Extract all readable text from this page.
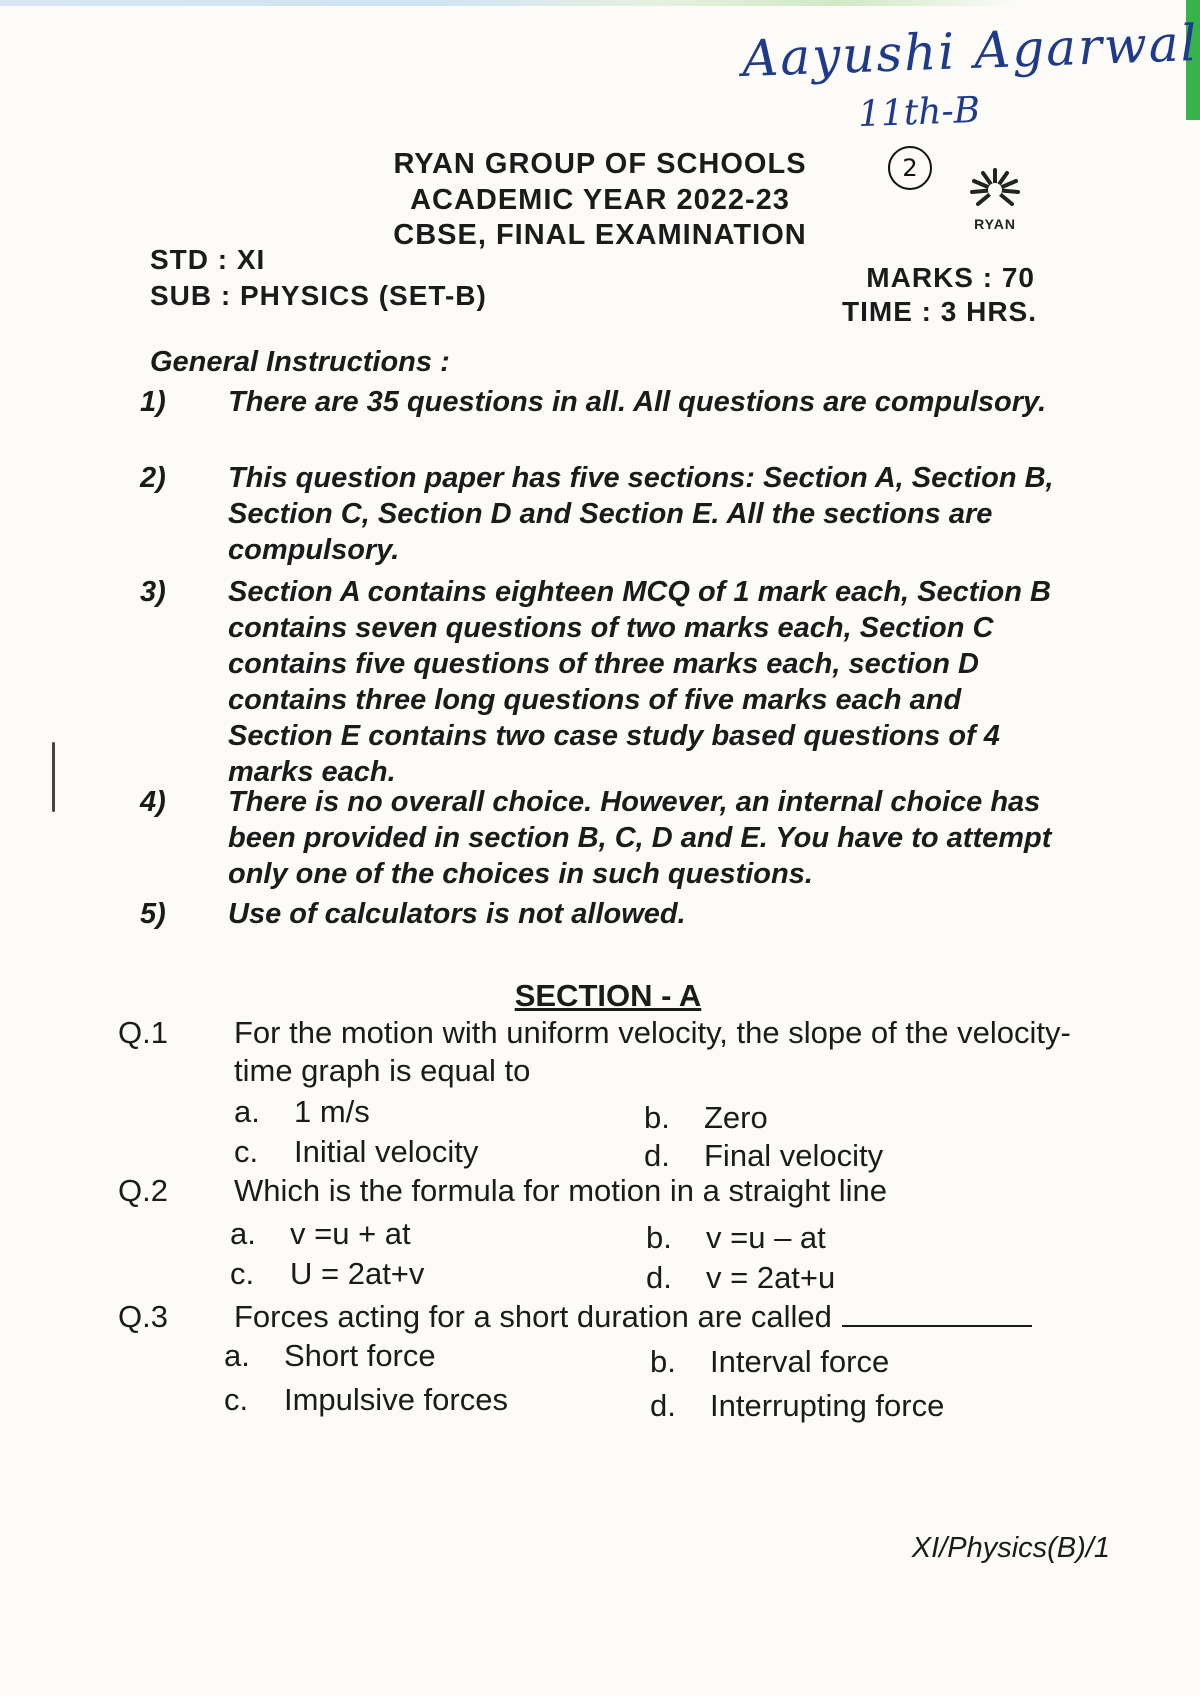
Aayushi Agarwal
11th-B
2
RYAN
RYAN GROUP OF SCHOOLS
ACADEMIC YEAR 2022-23
CBSE, FINAL EXAMINATION
STD : XI
SUB : PHYSICS (SET-B)
MARKS : 70
TIME : 3 HRS.
General Instructions :
1)	There are 35 questions in all. All questions are compulsory.
2)	This question paper has five sections: Section A, Section B, Section C, Section D and Section E. All the sections are compulsory.
3)	Section A contains eighteen MCQ of 1 mark each, Section B contains seven questions of two marks each, Section C contains five questions of three marks each, section D contains three long questions of five marks each and Section E contains two case study based questions of 4 marks each.
4)	There is no overall choice. However, an internal choice has been provided in section B, C, D and E. You have to attempt only one of the choices in such questions.
5)	Use of calculators is not allowed.
SECTION - A
Q.1	For the motion with uniform velocity, the slope of the velocity-time graph is equal to
a. 1 m/s	b. Zero
c. Initial velocity	d. Final velocity
Q.2	Which is the formula for motion in a straight line
a. v =u + at	b. v =u – at
c. U = 2at+v	d. v = 2at+u
Q.3	Forces acting for a short duration are called
a. Short force	b. Interval force
c. Impulsive forces	d. Interrupting force
XI/Physics(B)/1
